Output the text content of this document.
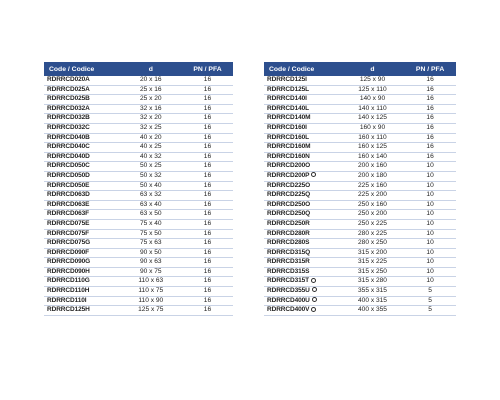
Code / Codice	d	PN / PFA
RDRRCD020A	20 x 16	16
RDRRCD025A	25 x 16	16
RDRRCD025B	25 x 20	16
RDRRCD032A	32 x 16	16
RDRRCD032B	32 x 20	16
RDRRCD032C	32 x 25	16
RDRRCD040B	40 x 20	16
RDRRCD040C	40 x 25	16
RDRRCD040D	40 x 32	16
RDRRCD050C	50 x 25	16
RDRRCD050D	50 x 32	16
RDRRCD050E	50 x 40	16
RDRRCD063D	63 x 32	16
RDRRCD063E	63 x 40	16
RDRRCD063F	63 x 50	16
RDRRCD075E	75 x 40	16
RDRRCD075F	75 x 50	16
RDRRCD075G	75 x 63	16
RDRRCD090F	90 x 50	16
RDRRCD090G	90 x 63	16
RDRRCD090H	90 x 75	16
RDRRCD110G	110 x 63	16
RDRRCD110H	110 x 75	16
RDRRCD110I	110 x 90	16
RDRRCD125H	125 x 75	16
Code / Codice	d	PN / PFA
RDRRCD125I	125 x 90	16
RDRRCD125L	125 x 110	16
RDRRCD140I	140 x 90	16
RDRRCD140L	140 x 110	16
RDRRCD140M	140 x 125	16
RDRRCD160I	160 x 90	16
RDRRCD160L	160 x 110	16
RDRRCD160M	160 x 125	16
RDRRCD160N	160 x 140	16
RDRRCD200O	200 x 160	10
RDRRCD200P	200 x 180	10
RDRRCD225O	225 x 160	10
RDRRCD225Q	225 x 200	10
RDRRCD250O	250 x 160	10
RDRRCD250Q	250 x 200	10
RDRRCD250R	250 x 225	10
RDRRCD280R	280 x 225	10
RDRRCD280S	280 x 250	10
RDRRCD315Q	315 x 200	10
RDRRCD315R	315 x 225	10
RDRRCD315S	315 x 250	10
RDRRCD315T	315 x 280	10
RDRRCD355U	355 x 315	5
RDRRCD400U	400 x 315	5
RDRRCD400V	400 x 355	5
